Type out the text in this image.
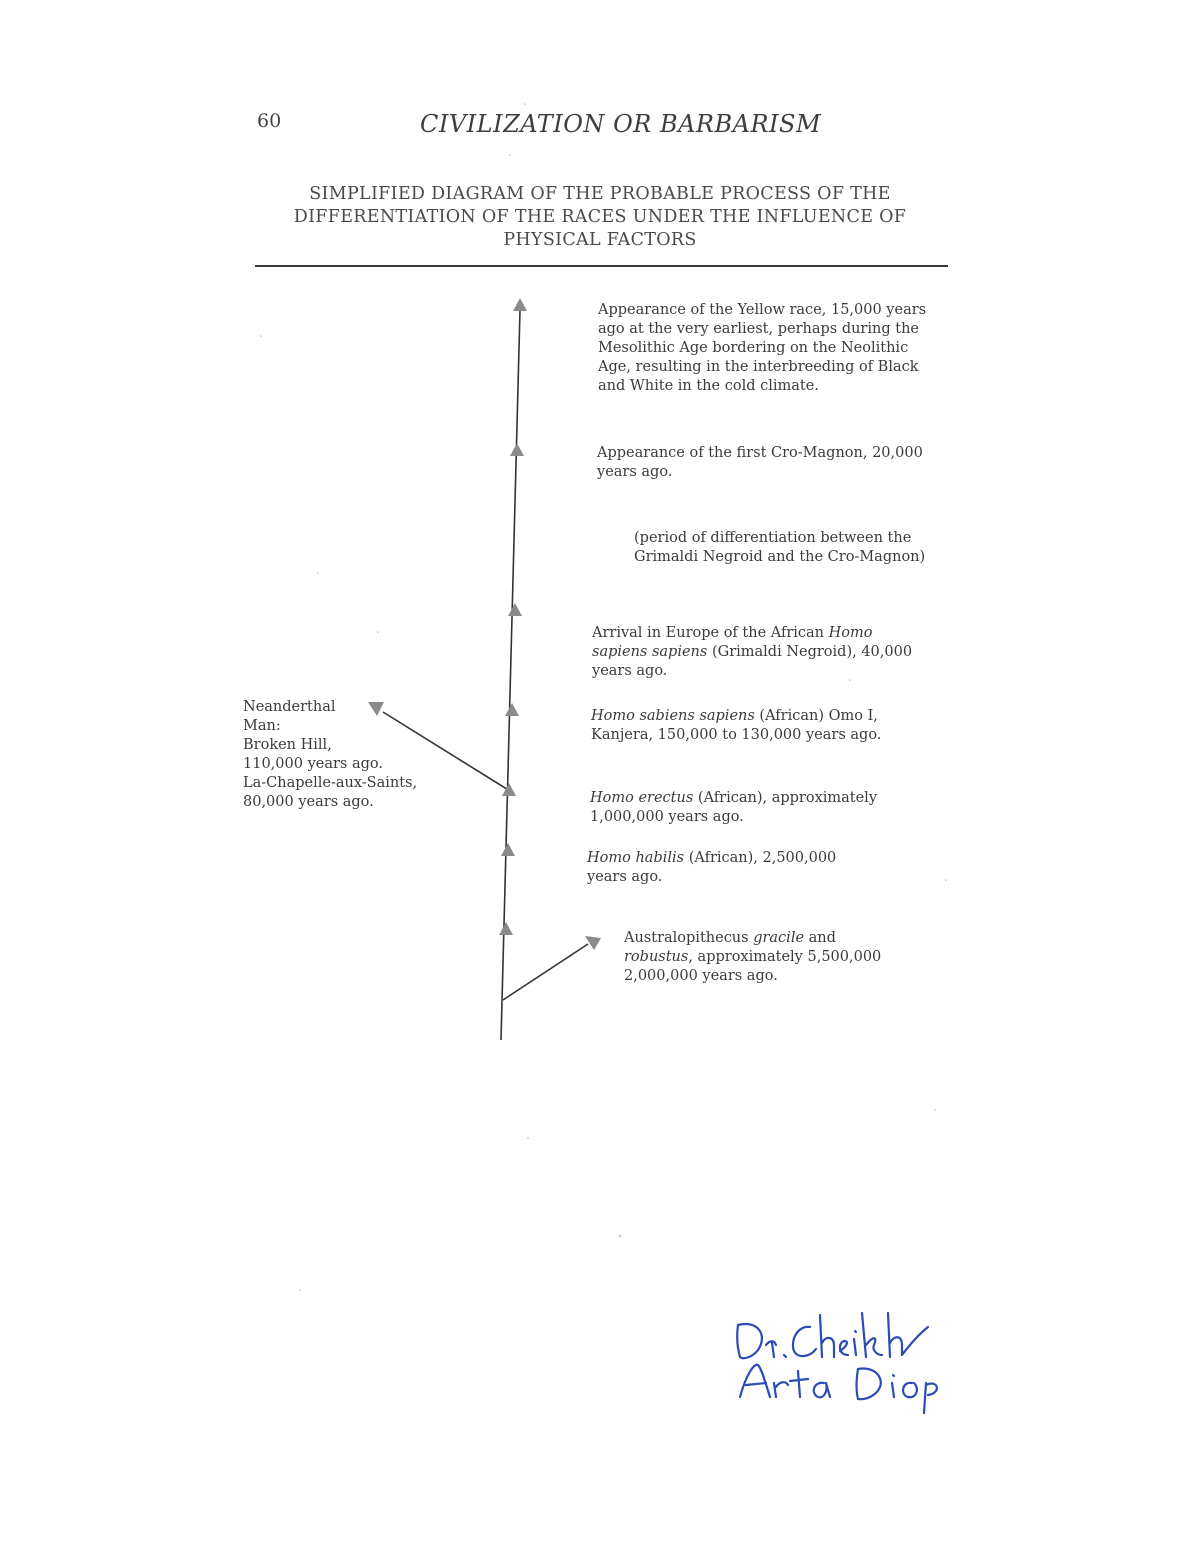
60	CIVILIZATION OR BARBARISM

SIMPLIFIED DIAGRAM OF THE PROBABLE PROCESS OF THE
DIFFERENTIATION OF THE RACES UNDER THE INFLUENCE OF
PHYSICAL FACTORS

Appearance of the Yellow race, 15,000 years
ago at the very earliest, perhaps during the
Mesolithic Age bordering on the Neolithic
Age, resulting in the interbreeding of Black
and White in the cold climate.

Appearance of the first Cro-Magnon, 20,000
years ago.

(period of differentiation between the
Grimaldi Negroid and the Cro-Magnon)

Arrival in Europe of the African Homo
sapiens sapiens (Grimaldi Negroid), 40,000
years ago.

Homo sabiens sapiens (African) Omo I,
Kanjera, 150,000 to 130,000 years ago.

Homo erectus (African), approximately
1,000,000 years ago.

Homo habilis (African), 2,500,000
years ago.

Australopithecus gracile and
robustus, approximately 5,500,000
2,000,000 years ago.

Neanderthal
Man:
Broken Hill,
110,000 years ago.
La-Chapelle-aux-Saints,
80,000 years ago.
